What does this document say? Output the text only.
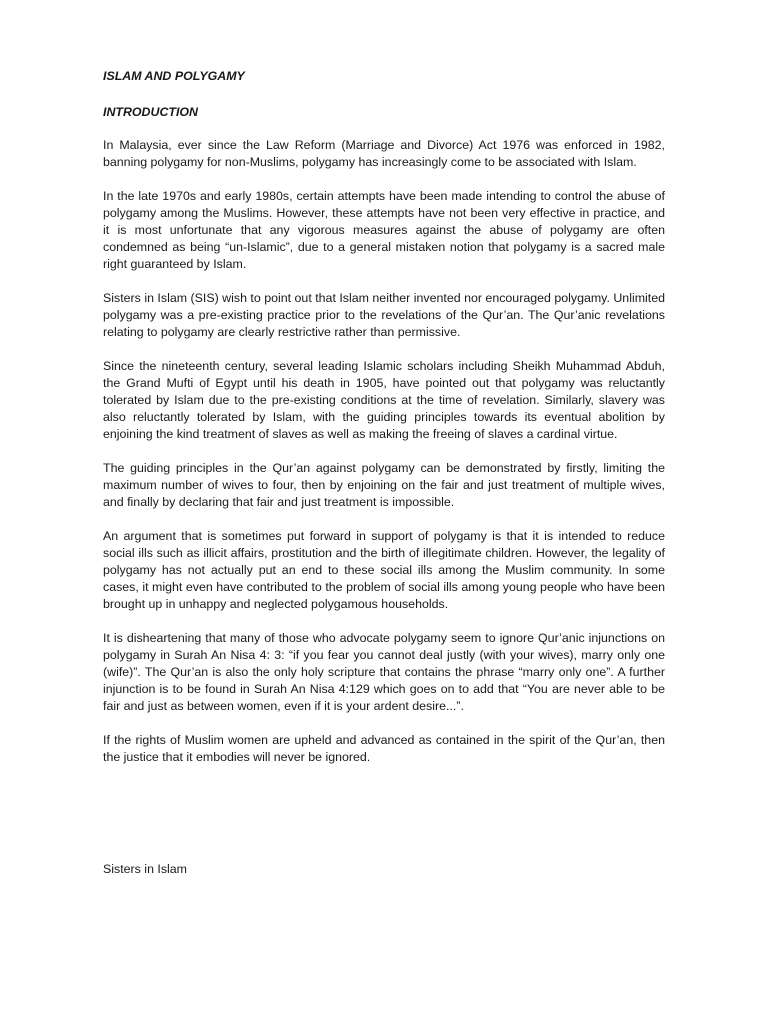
ISLAM AND POLYGAMY

INTRODUCTION

In Malaysia, ever since the Law Reform (Marriage and Divorce) Act 1976 was enforced in 1982, banning polygamy for non-Muslims, polygamy has increasingly come to be associated with Islam.

In the late 1970s and early 1980s, certain attempts have been made intending to control the abuse of polygamy among the Muslims. However, these attempts have not been very effective in practice, and it is most unfortunate that any vigorous measures against the abuse of polygamy are often condemned as being “un-Islamic”, due to a general mistaken notion that polygamy is a sacred male right guaranteed by Islam.

Sisters in Islam (SIS) wish to point out that Islam neither invented nor encouraged polygamy. Unlimited polygamy was a pre-existing practice prior to the revelations of the Qur’an. The Qur’anic revelations relating to polygamy are clearly restrictive rather than permissive.

Since the nineteenth century, several leading Islamic scholars including Sheikh Muhammad Abduh, the Grand Mufti of Egypt until his death in 1905, have pointed out that polygamy was reluctantly tolerated by Islam due to the pre-existing conditions at the time of revelation. Similarly, slavery was also reluctantly tolerated by Islam, with the guiding principles towards its eventual abolition by enjoining the kind treatment of slaves as well as making the freeing of slaves a cardinal virtue.

The guiding principles in the Qur’an against polygamy can be demonstrated by firstly, limiting the maximum number of wives to four, then by enjoining on the fair and just treatment of multiple wives, and finally by declaring that fair and just treatment is impossible.

An argument that is sometimes put forward in support of polygamy is that it is intended to reduce social ills such as illicit affairs, prostitution and the birth of illegitimate children. However, the legality of polygamy has not actually put an end to these social ills among the Muslim community. In some cases, it might even have contributed to the problem of social ills among young people who have been brought up in unhappy and neglected polygamous households.

It is disheartening that many of those who advocate polygamy seem to ignore Qur’anic injunctions on polygamy in Surah An Nisa 4: 3: “if you fear you cannot deal justly (with your wives), marry only one (wife)”. The Qur’an is also the only holy scripture that contains the phrase “marry only one”. A further injunction is to be found in Surah An Nisa 4:129 which goes on to add that “You are never able to be fair and just as between women, even if it is your ardent desire...”.

If the rights of Muslim women are upheld and advanced as contained in the spirit of the Qur’an, then the justice that it embodies will never be ignored.

Sisters in Islam
